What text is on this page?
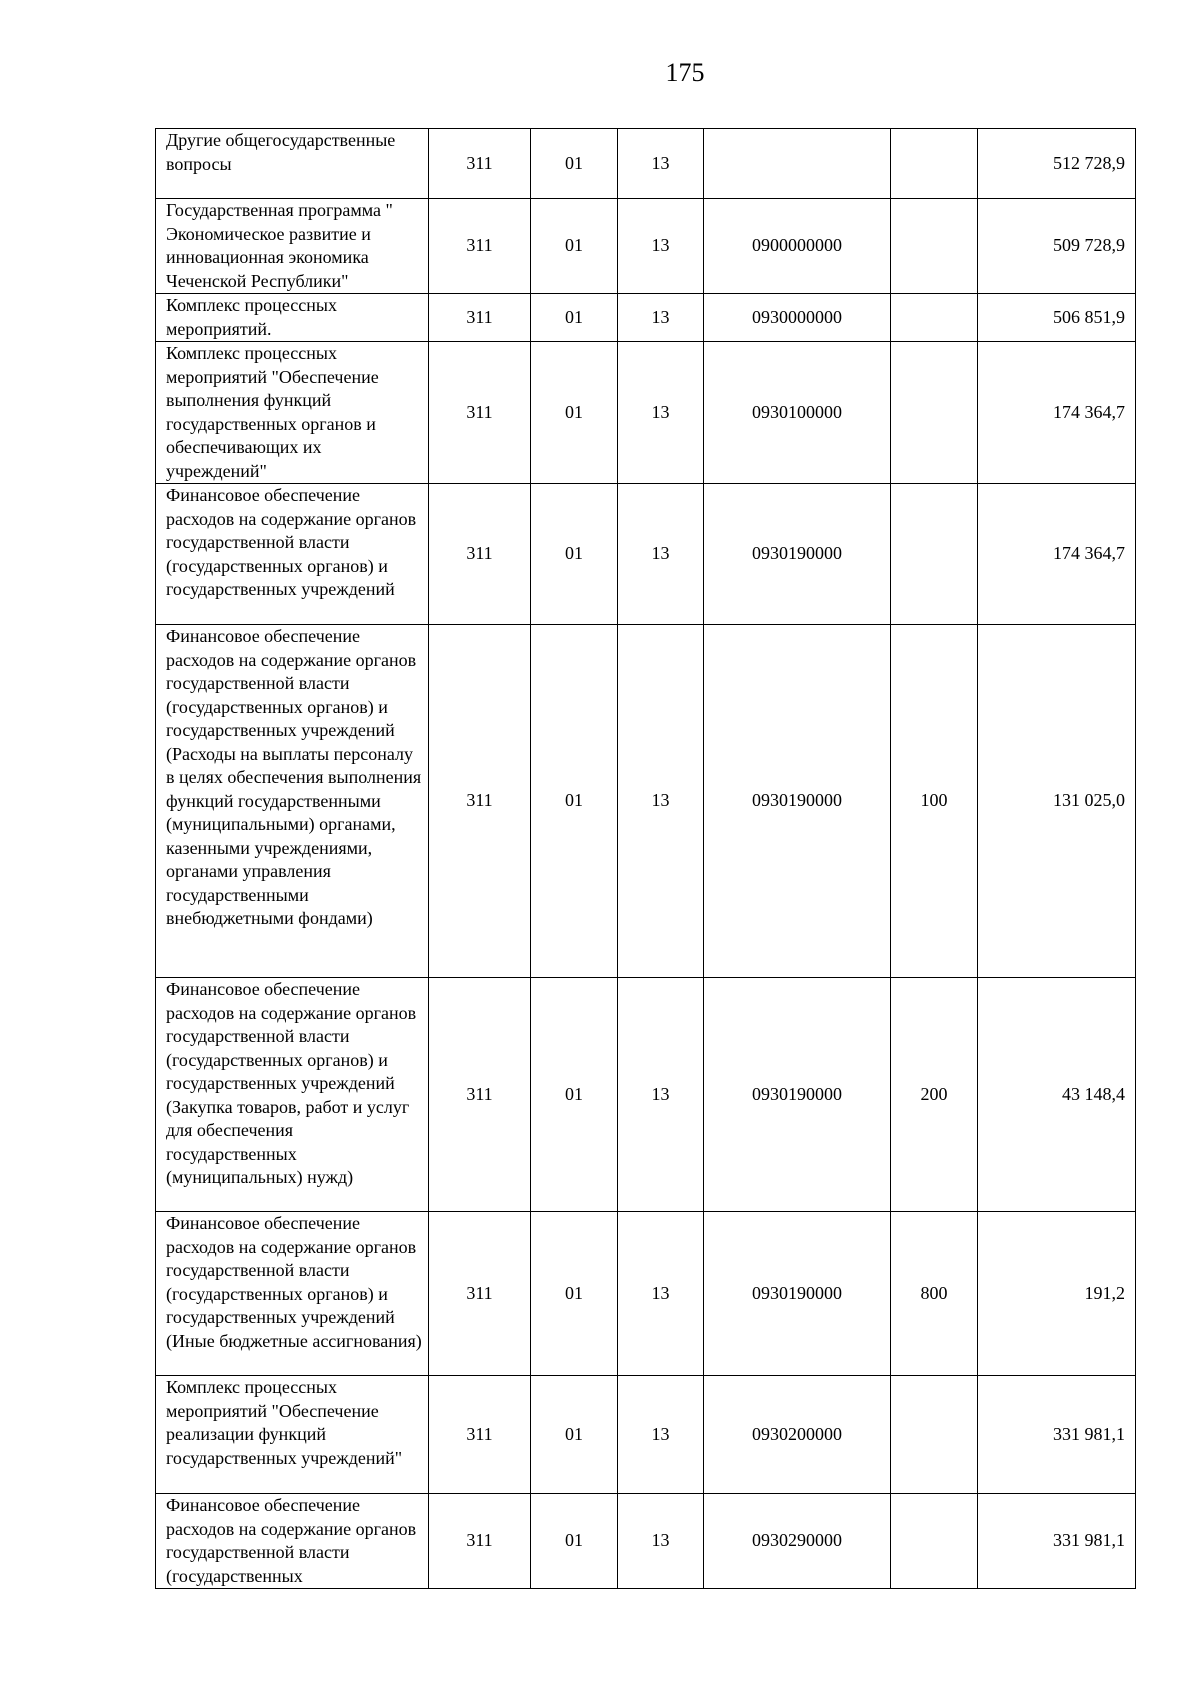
175
Другие общегосударственные вопросы	311	01	13			512 728,9
Государственная программа " Экономическое развитие и инновационная экономика Чеченской Республики"	311	01	13	0900000000		509 728,9
Комплекс процессных мероприятий.	311	01	13	0930000000		506 851,9
Комплекс процессных мероприятий "Обеспечение выполнения функций государственных органов и обеспечивающих их учреждений"	311	01	13	0930100000		174 364,7
Финансовое обеспечение расходов на содержание органов государственной власти (государственных органов) и государственных учреждений	311	01	13	0930190000		174 364,7
Финансовое обеспечение расходов на содержание органов государственной власти (государственных органов) и государственных учреждений (Расходы на выплаты персоналу в целях обеспечения выполнения функций государственными (муниципальными) органами, казенными учреждениями, органами управления государственными внебюджетными фондами)	311	01	13	0930190000	100	131 025,0
Финансовое обеспечение расходов на содержание органов государственной власти (государственных органов) и государственных учреждений (Закупка товаров, работ и услуг для обеспечения государственных (муниципальных) нужд)	311	01	13	0930190000	200	43 148,4
Финансовое обеспечение расходов на содержание органов государственной власти (государственных органов) и государственных учреждений (Иные бюджетные ассигнования)	311	01	13	0930190000	800	191,2
Комплекс процессных мероприятий "Обеспечение реализации функций государственных учреждений"	311	01	13	0930200000		331 981,1
Финансовое обеспечение расходов на содержание органов государственной власти (государственных	311	01	13	0930290000		331 981,1
